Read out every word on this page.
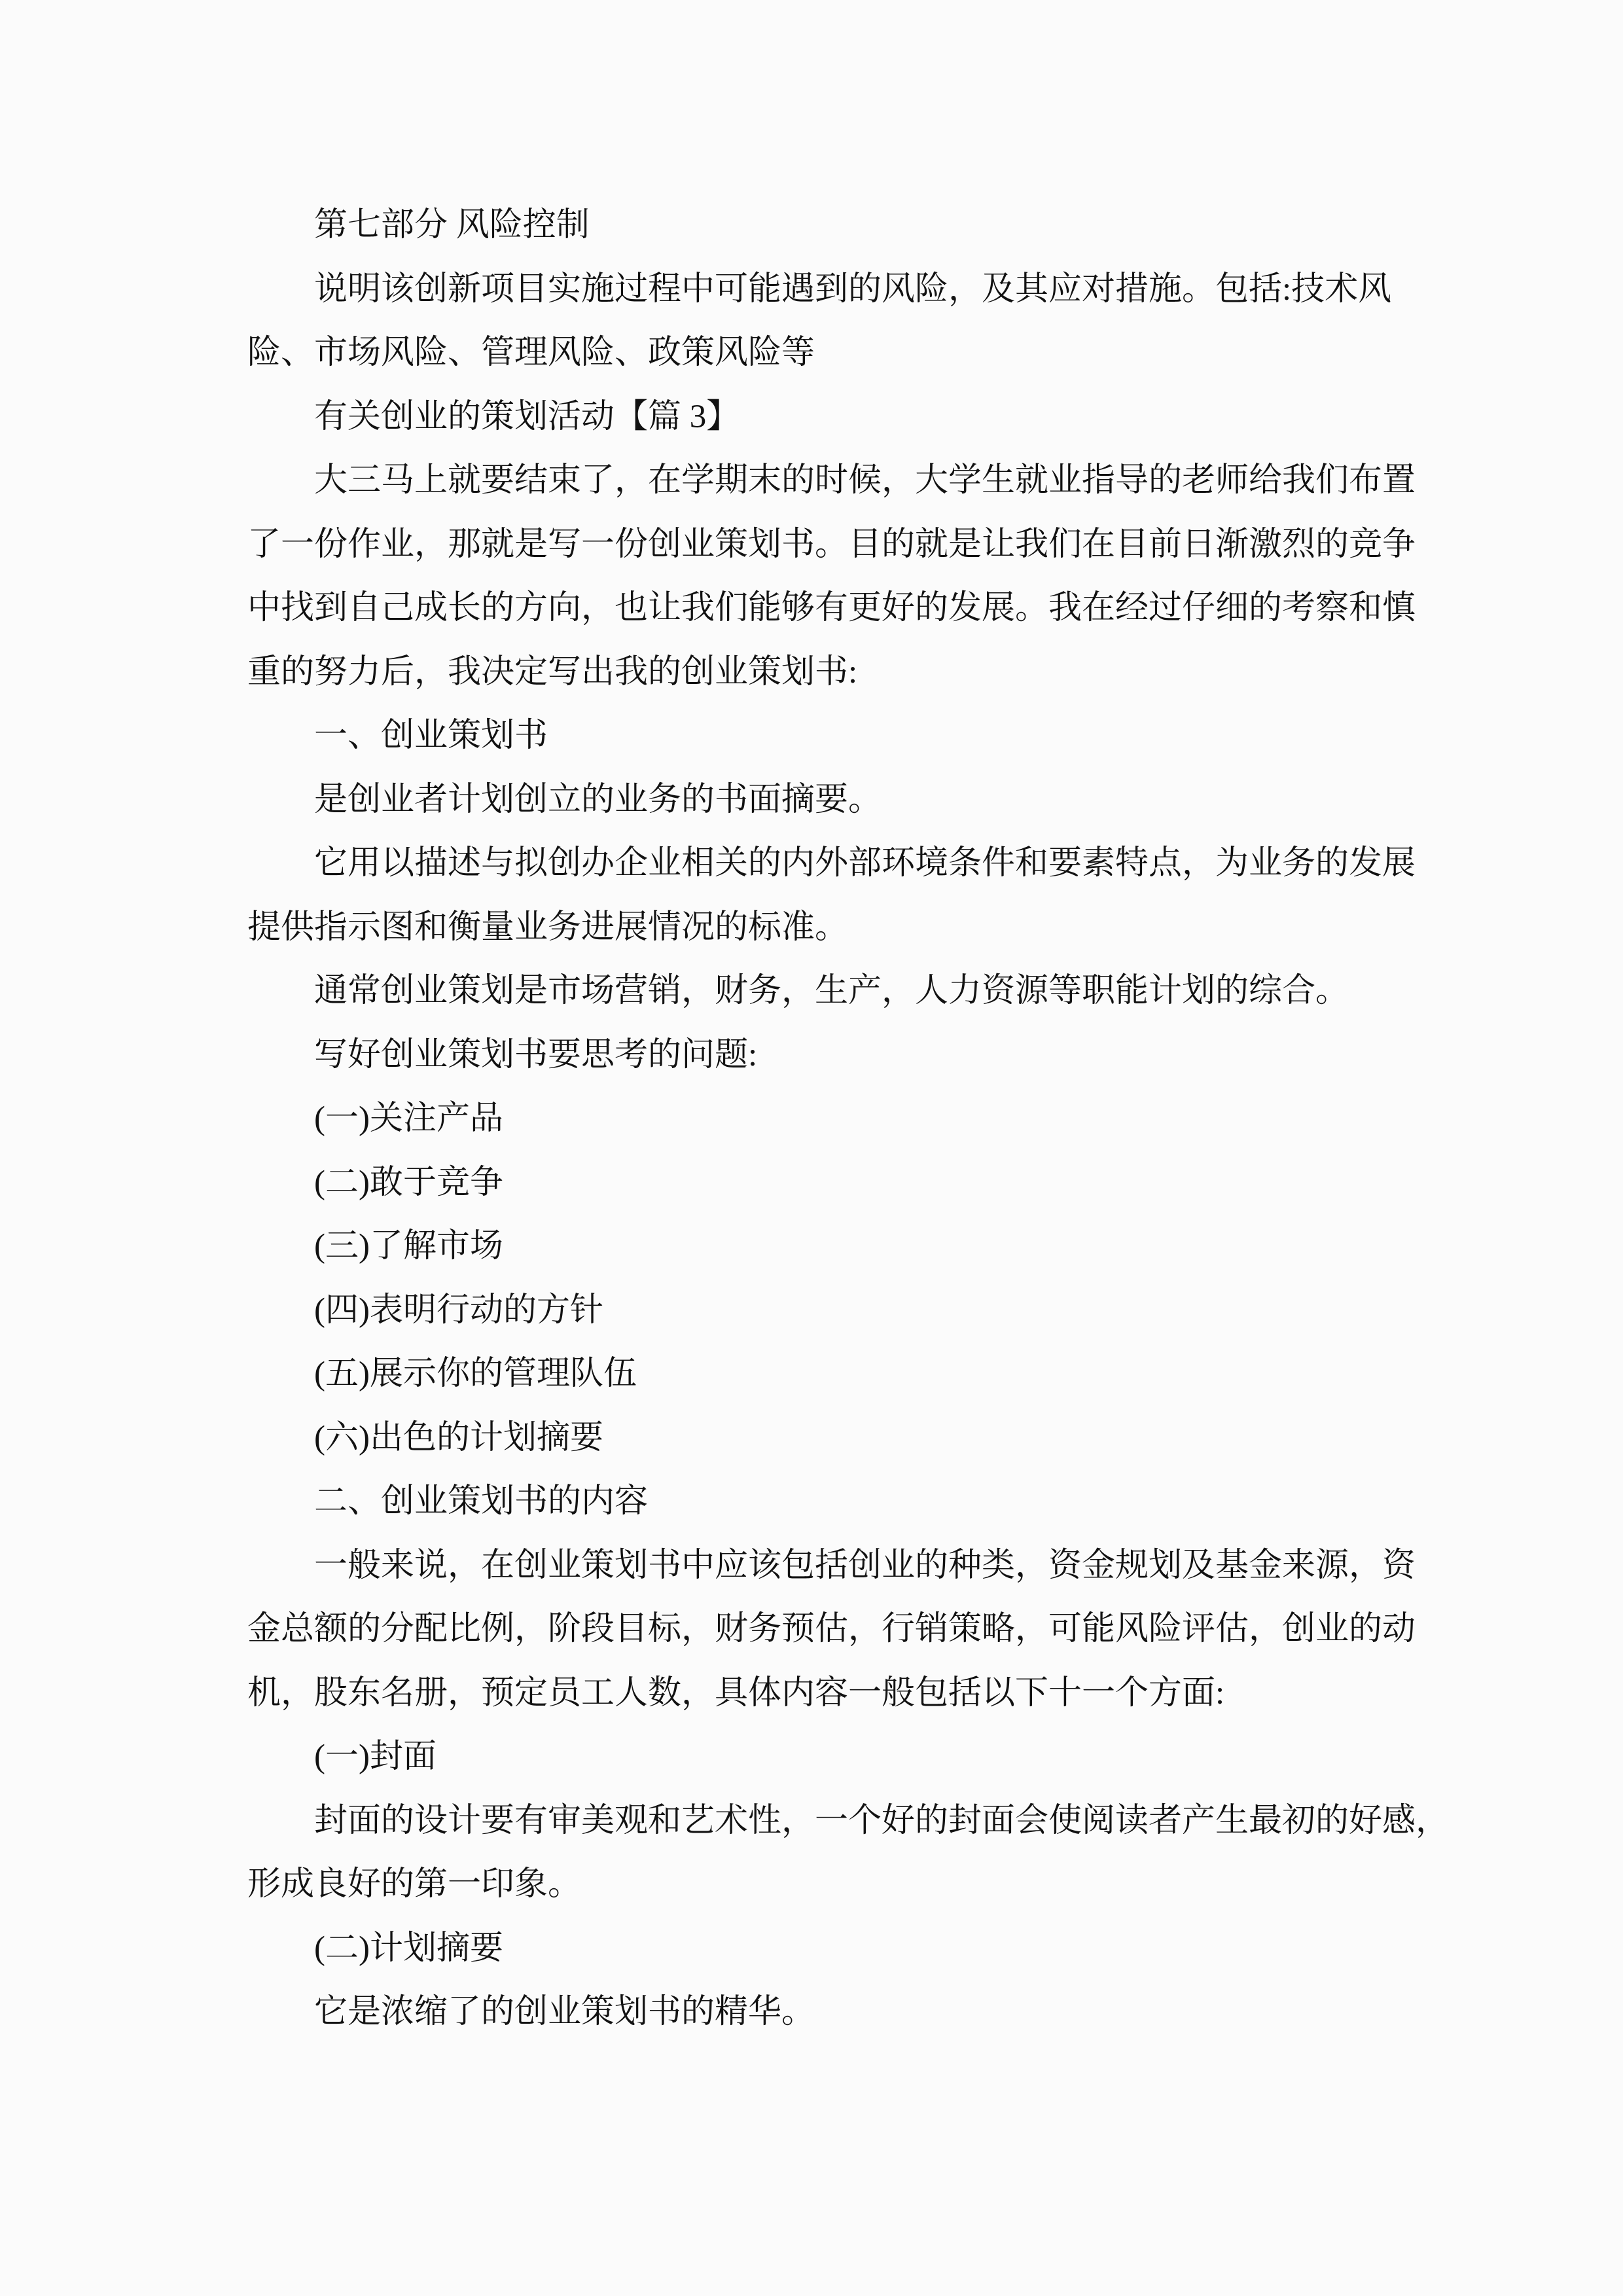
第七部分 风险控制
说明该创新项目实施过程中可能遇到的风险，及其应对措施。包括:技术风
险、市场风险、管理风险、政策风险等
有关创业的策划活动【篇 3】
大三马上就要结束了，在学期末的时候，大学生就业指导的老师给我们布置
了一份作业，那就是写一份创业策划书。目的就是让我们在目前日渐激烈的竞争
中找到自己成长的方向，也让我们能够有更好的发展。我在经过仔细的考察和慎
重的努力后，我决定写出我的创业策划书:
一、创业策划书
是创业者计划创立的业务的书面摘要。
它用以描述与拟创办企业相关的内外部环境条件和要素特点，为业务的发展
提供指示图和衡量业务进展情况的标准。
通常创业策划是市场营销，财务，生产，人力资源等职能计划的综合。
写好创业策划书要思考的问题:
(一)关注产品
(二)敢于竞争
(三)了解市场
(四)表明行动的方针
(五)展示你的管理队伍
(六)出色的计划摘要
二、创业策划书的内容
一般来说，在创业策划书中应该包括创业的种类，资金规划及基金来源，资
金总额的分配比例，阶段目标，财务预估，行销策略，可能风险评估，创业的动
机，股东名册，预定员工人数，具体内容一般包括以下十一个方面:
(一)封面
封面的设计要有审美观和艺术性，一个好的封面会使阅读者产生最初的好感，
形成良好的第一印象。
(二)计划摘要
它是浓缩了的创业策划书的精华。
